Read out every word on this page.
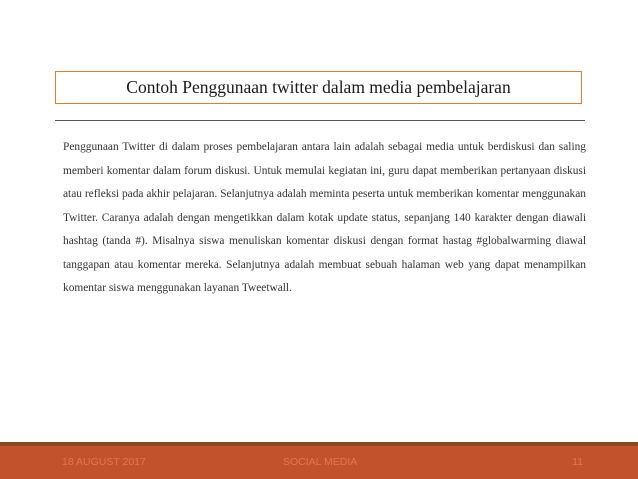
Contoh Penggunaan twitter dalam media pembelajaran

Penggunaan Twitter di dalam proses pembelajaran antara lain adalah sebagai media untuk berdiskusi dan saling memberi komentar dalam forum diskusi. Untuk memulai kegiatan ini, guru dapat memberikan pertanyaan diskusi atau refleksi pada akhir pelajaran. Selanjutnya adalah meminta peserta untuk memberikan komentar menggunakan Twitter. Caranya adalah dengan mengetikkan dalam kotak update status, sepanjang 140 karakter dengan diawali hashtag (tanda #). Misalnya siswa menuliskan komentar diskusi dengan format hastag #globalwarming diawal tanggapan atau komentar mereka. Selanjutnya adalah membuat sebuah halaman web yang dapat menampilkan komentar siswa menggunakan layanan Tweetwall.

18 AUGUST 2017	SOCIAL MEDIA	11
